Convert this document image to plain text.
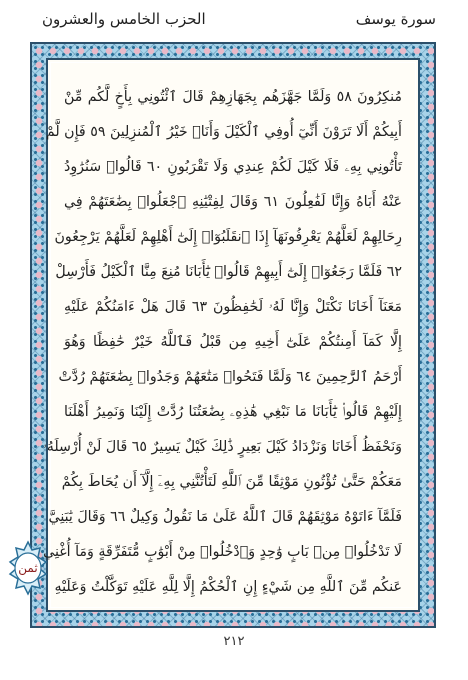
سورة يوسف
الحزب الخامس والعشرون
مُنكِرُونَ ٥٨ وَلَمَّا جَهَّزَهُم بِجَهَازِهِمْ قَالَ ٱئْتُونِي بِأَخٍ لَّكُم مِّنْ
أَبِيكُمْ أَلَا تَرَوْنَ أَنِّيٓ أُوفِي ٱلْكَيْلَ وَأَنَا۠ خَيْرُ ٱلْمُنزِلِينَ ٥٩ فَإِن لَّمْ
تَأْتُونِي بِهِۦ فَلَا كَيْلَ لَكُمْ عِندِي وَلَا تَقْرَبُونِ ٦٠ قَالُوا۟ سَنُرَٰوِدُ
عَنْهُ أَبَاهُ وَإِنَّا لَفَٰعِلُونَ ٦١ وَقَالَ لِفِتْيَٰنِهِ ٱجْعَلُوا۟ بِضَٰعَتَهُمْ فِي
رِحَالِهِمْ لَعَلَّهُمْ يَعْرِفُونَهَآ إِذَا ٱنقَلَبُوٓا۟ إِلَىٰٓ أَهْلِهِمْ لَعَلَّهُمْ يَرْجِعُونَ
٦٢ فَلَمَّا رَجَعُوٓا۟ إِلَىٰٓ أَبِيهِمْ قَالُوا۟ يَٰٓأَبَانَا مُنِعَ مِنَّا ٱلْكَيْلُ فَأَرْسِلْ
مَعَنَآ أَخَانَا نَكْتَلْ وَإِنَّا لَهُۥ لَحَٰفِظُونَ ٦٣ قَالَ هَلْ ءَامَنُكُمْ عَلَيْهِ
إِلَّا كَمَآ أَمِنتُكُمْ عَلَىٰٓ أَخِيهِ مِن قَبْلُ فَٱللَّهُ خَيْرٌ حَٰفِظًا وَهُوَ
أَرْحَمُ ٱلرَّٰحِمِينَ ٦٤ وَلَمَّا فَتَحُوا۟ مَتَٰعَهُمْ وَجَدُوا۟ بِضَٰعَتَهُمْ رُدَّتْ
إِلَيْهِمْ قَالُوا۟ يَٰٓأَبَانَا مَا نَبْغِي هَٰذِهِۦ بِضَٰعَتُنَا رُدَّتْ إِلَيْنَا وَنَمِيرُ أَهْلَنَا
وَنَحْفَظُ أَخَانَا وَنَزْدَادُ كَيْلَ بَعِيرٍ ذَٰلِكَ كَيْلٌ يَسِيرٌ ٦٥ قَالَ لَنْ أُرْسِلَهُۥ
مَعَكُمْ حَتَّىٰ تُؤْتُونِ مَوْثِقًا مِّنَ ٱللَّهِ لَتَأْتُنَّنِي بِهِۦٓ إِلَّآ أَن يُحَاطَ بِكُمْ
فَلَمَّآ ءَاتَوْهُ مَوْثِقَهُمْ قَالَ ٱللَّهُ عَلَىٰ مَا نَقُولُ وَكِيلٌ ٦٦ وَقَالَ يَٰبَنِيَّ
لَا تَدْخُلُوا۟ مِنۢ بَابٍ وَٰحِدٍ وَٱدْخُلُوا۟ مِنْ أَبْوَٰبٍ مُّتَفَرِّقَةٍ وَمَآ أُغْنِي
عَنكُم مِّنَ ٱللَّهِ مِن شَيْءٍ إِنِ ٱلْحُكْمُ إِلَّا لِلَّهِ عَلَيْهِ تَوَكَّلْتُ وَعَلَيْهِ
ثمن
٢١٢
